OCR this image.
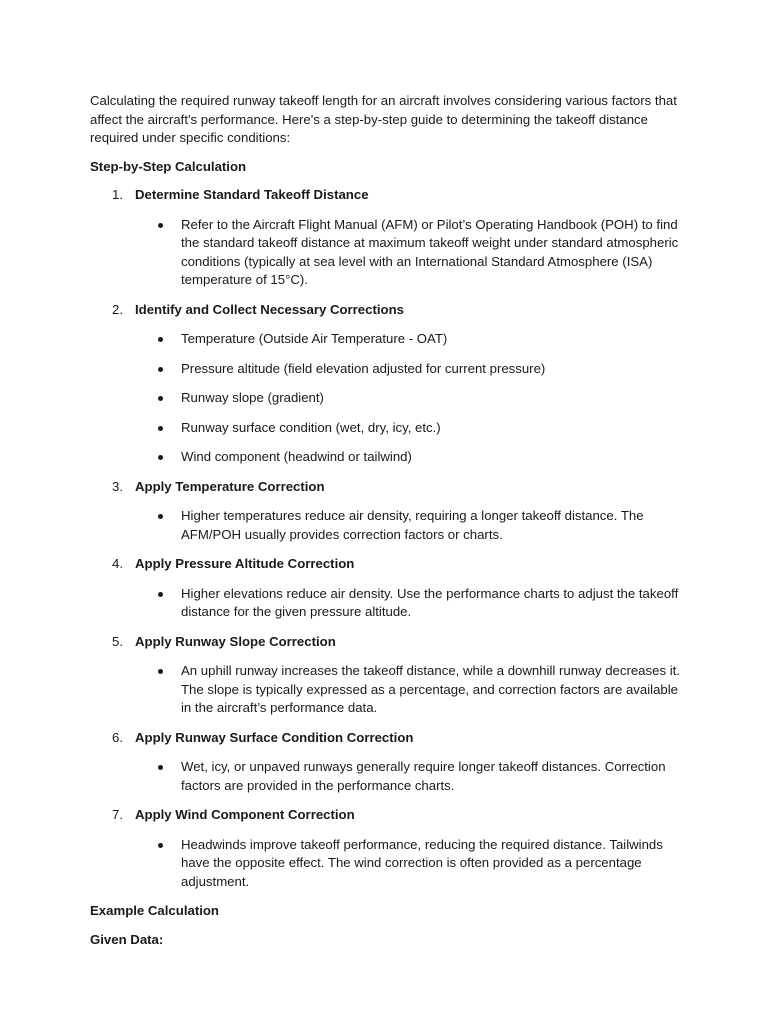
Calculating the required runway takeoff length for an aircraft involves considering various factors that affect the aircraft's performance. Here's a step-by-step guide to determining the takeoff distance required under specific conditions:

Step-by-Step Calculation

1. Determine Standard Takeoff Distance
Refer to the Aircraft Flight Manual (AFM) or Pilot’s Operating Handbook (POH) to find the standard takeoff distance at maximum takeoff weight under standard atmospheric conditions (typically at sea level with an International Standard Atmosphere (ISA) temperature of 15°C).
2. Identify and Collect Necessary Corrections
Temperature (Outside Air Temperature - OAT)
Pressure altitude (field elevation adjusted for current pressure)
Runway slope (gradient)
Runway surface condition (wet, dry, icy, etc.)
Wind component (headwind or tailwind)
3. Apply Temperature Correction
Higher temperatures reduce air density, requiring a longer takeoff distance. The AFM/POH usually provides correction factors or charts.
4. Apply Pressure Altitude Correction
Higher elevations reduce air density. Use the performance charts to adjust the takeoff distance for the given pressure altitude.
5. Apply Runway Slope Correction
An uphill runway increases the takeoff distance, while a downhill runway decreases it. The slope is typically expressed as a percentage, and correction factors are available in the aircraft’s performance data.
6. Apply Runway Surface Condition Correction
Wet, icy, or unpaved runways generally require longer takeoff distances. Correction factors are provided in the performance charts.
7. Apply Wind Component Correction
Headwinds improve takeoff performance, reducing the required distance. Tailwinds have the opposite effect. The wind correction is often provided as a percentage adjustment.

Example Calculation

Given Data:
